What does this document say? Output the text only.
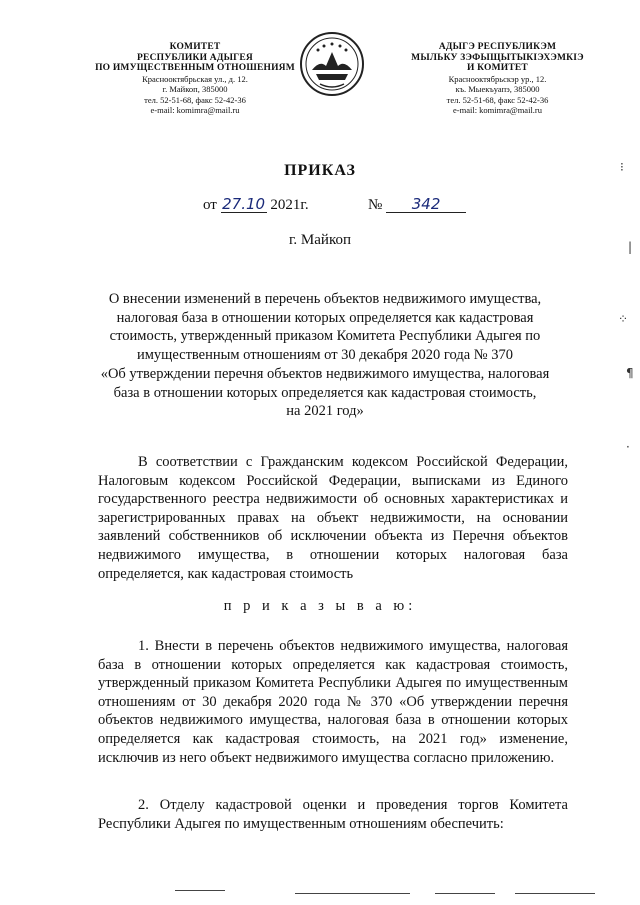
КОМИТЕТ
РЕСПУБЛИКИ АДЫГЕЯ
ПО ИМУЩЕСТВЕННЫМ ОТНОШЕНИЯМ
Краснооктябрьская ул., д. 12.
г. Майкоп, 385000
тел. 52-51-68, факс 52-42-36
e-mail: komimra@mail.ru
АДЫГЭ РЕСПУБЛИКЭМ
МЫЛЬКУ ЗЭФЫЩЫТЫКІЭХЭМКІЭ
И КОМИТЕТ
Краснооктябрьскэр ур., 12.
къ. Мыекъуапэ, 385000
тел. 52-51-68, факс 52-42-36
e-mail: komimra@mail.ru
ПРИКАЗ
от 27.10 2021г.	№ 342
г. Майкоп

О внесении изменений в перечень объектов недвижимого имущества,

налоговая база в отношении которых определяется как кадастровая

стоимость, утвержденный приказом Комитета Республики Адыгея по

имущественным отношениям от 30 декабря 2020 года № 370

«Об утверждении перечня объектов недвижимого имущества, налоговая

база в отношении которых определяется как кадастровая стоимость,

на 2021 год»

В соответствии с Гражданским кодексом Российской Федерации, Налоговым кодексом Российской Федерации, выписками из Единого государственного реестра недвижимости об основных характеристиках и зарегистрированных правах на объект недвижимости, на основании заявлений собственников об исключении объекта из Перечня объектов недвижимого имущества, в отношении которых налоговая база определяется, как кадастровая стоимость

п р и к а з ы в а ю:

1. Внести в перечень объектов недвижимого имущества, налоговая база в отношении которых определяется как кадастровая стоимость, утвержденный приказом Комитета Республики Адыгея по имущественным отношениям от 30 декабря 2020 года № 370 «Об утверждении перечня объектов недвижимого имущества, налоговая база в отношении которых определяется как кадастровая стоимость, на 2021 год» изменение, исключив из него объект недвижимого имущества согласно приложению.

2. Отделу кадастровой оценки и проведения торгов Комитета Республики Адыгея по имущественным отношениям обеспечить:

⁝
|
⁘
¶
·
